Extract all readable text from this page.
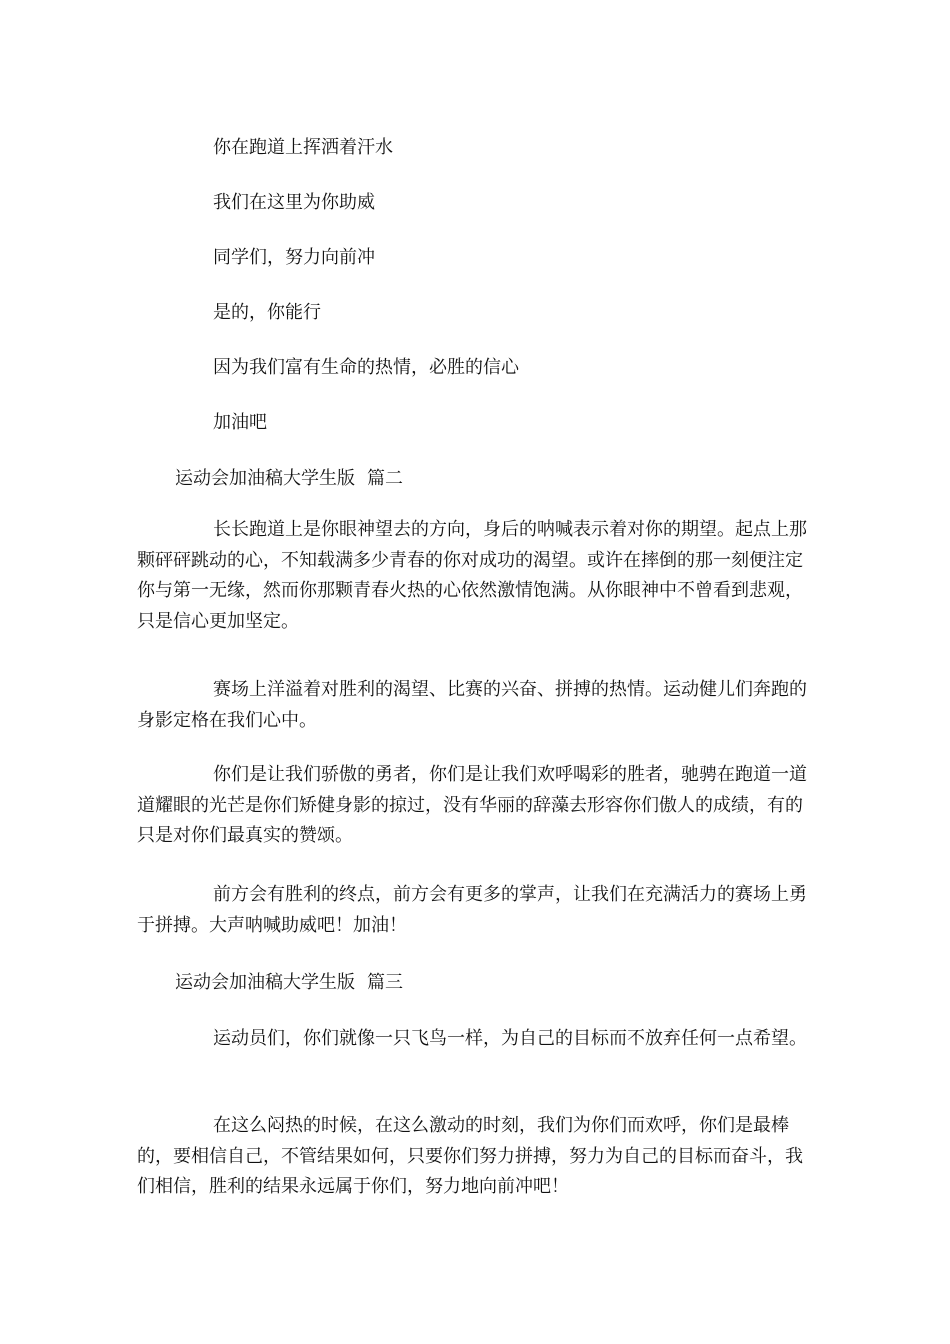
你在跑道上挥洒着汗水

我们在这里为你助威

同学们，努力向前冲

是的，你能行

因为我们富有生命的热情，必胜的信心

加油吧

运动会加油稿大学生版 篇二

长长跑道上是你眼神望去的方向，身后的呐喊表示着对你的期望。起点上那颗砰砰跳动的心，不知载满多少青春的你对成功的渴望。或许在摔倒的那一刻便注定你与第一无缘，然而你那颗青春火热的心依然激情饱满。从你眼神中不曾看到悲观，只是信心更加坚定。

赛场上洋溢着对胜利的渴望、比赛的兴奋、拼搏的热情。运动健儿们奔跑的身影定格在我们心中。

你们是让我们骄傲的勇者，你们是让我们欢呼喝彩的胜者，驰骋在跑道一道道耀眼的光芒是你们矫健身影的掠过，没有华丽的辞藻去形容你们傲人的成绩，有的只是对你们最真实的赞颂。

前方会有胜利的终点，前方会有更多的掌声，让我们在充满活力的赛场上勇于拼搏。大声呐喊助威吧！加油！

运动会加油稿大学生版 篇三

运动员们，你们就像一只飞鸟一样，为自己的目标而不放弃任何一点希望。

在这么闷热的时候，在这么激动的时刻，我们为你们而欢呼，你们是最棒的，要相信自己，不管结果如何，只要你们努力拼搏，努力为自己的目标而奋斗，我们相信，胜利的结果永远属于你们，努力地向前冲吧！
